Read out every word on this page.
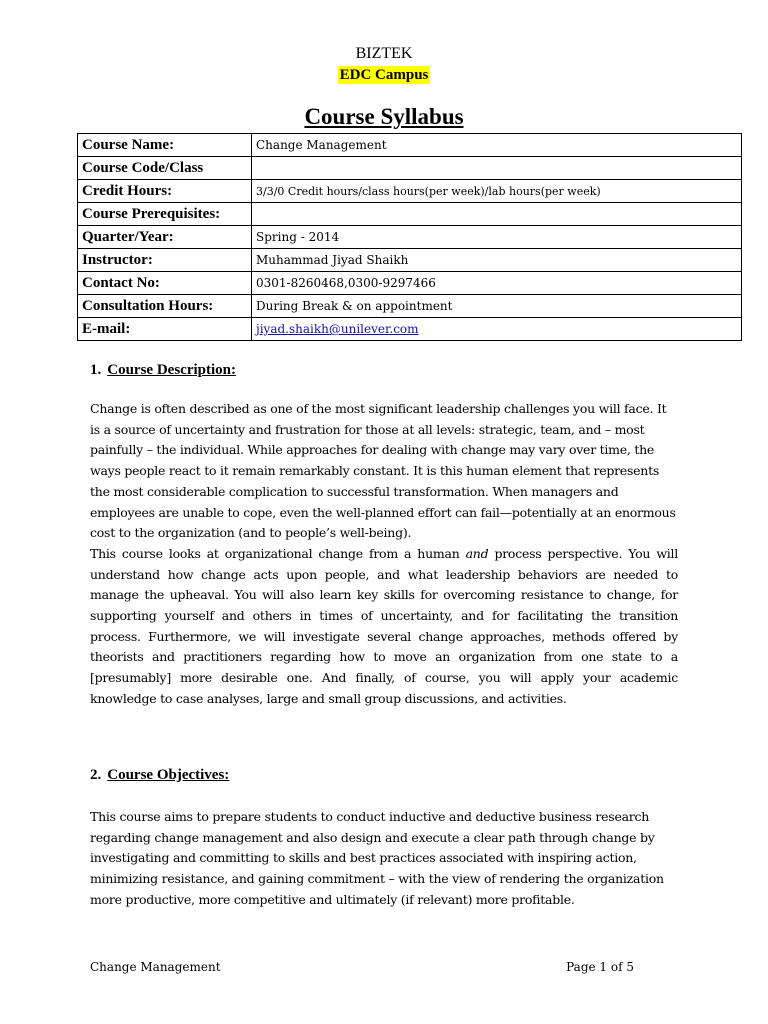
BIZTEK
EDC Campus
Course Syllabus
Course Name:	Change Management
Course Code/Class	
Credit Hours:	3/3/0 Credit hours/class hours(per week)/lab hours(per week)
Course Prerequisites:	
Quarter/Year:	Spring - 2014
Instructor:	Muhammad Jiyad Shaikh
Contact No:	0301-8260468,0300-9297466
Consultation Hours:	During Break & on appointment
E-mail:	jiyad.shaikh@unilever.com
1. Course Description:

Change is often described as one of the most significant leadership challenges you will face. It is a source of uncertainty and frustration for those at all levels: strategic, team, and – most painfully – the individual. While approaches for dealing with change may vary over time, the ways people react to it remain remarkably constant. It is this human element that represents the most considerable complication to successful transformation. When managers and employees are unable to cope, even the well-planned effort can fail—potentially at an enormous cost to the organization (and to people’s well-being).

This course looks at organizational change from a human and process perspective. You will understand how change acts upon people, and what leadership behaviors are needed to manage the upheaval. You will also learn key skills for overcoming resistance to change, for supporting yourself and others in times of uncertainty, and for facilitating the transition process. Furthermore, we will investigate several change approaches, methods offered by theorists and practitioners regarding how to move an organization from one state to a [presumably] more desirable one. And finally, of course, you will apply your academic knowledge to case analyses, large and small group discussions, and activities.

2. Course Objectives:

This course aims to prepare students to conduct inductive and deductive business research regarding change management and also design and execute a clear path through change by investigating and committing to skills and best practices associated with inspiring action, minimizing resistance, and gaining commitment – with the view of rendering the organization more productive, more competitive and ultimately (if relevant) more profitable.

Change Management	Page 1 of 5
